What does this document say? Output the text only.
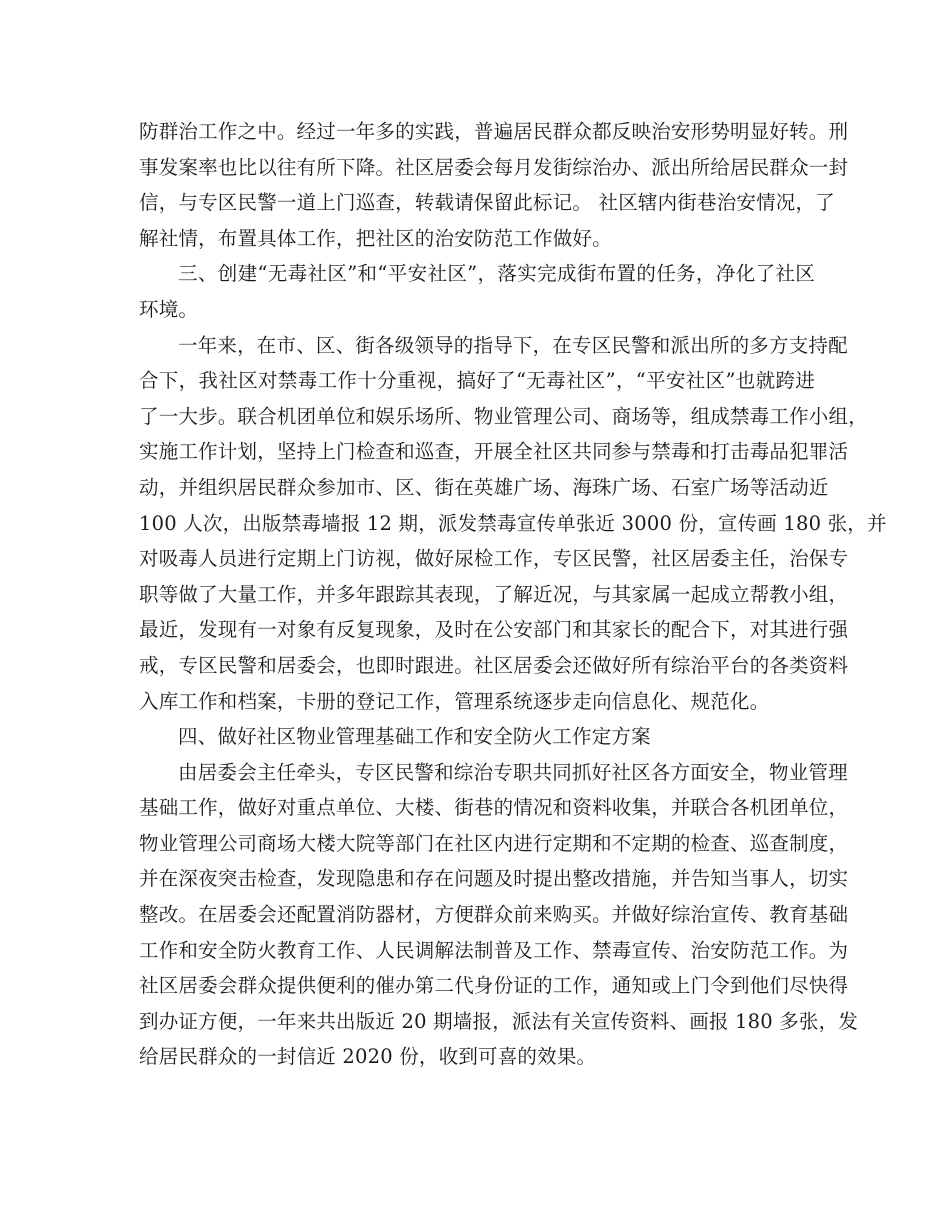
防群治工作之中。经过一年多的实践，普遍居民群众都反映治安形势明显好转。刑
事发案率也比以往有所下降。社区居委会每月发街综治办、派出所给居民群众一封
信，与专区民警一道上门巡查，转载请保留此标记。 社区辖内街巷治安情况，了
解社情，布置具体工作，把社区的治安防范工作做好。
三、创建“无毒社区”和“平安社区”，落实完成街布置的任务，净化了社区
环境。
一年来，在市、区、街各级领导的指导下，在专区民警和派出所的多方支持配
合下，我社区对禁毒工作十分重视，搞好了“无毒社区”，“平安社区”也就跨进
了一大步。联合机团单位和娱乐场所、物业管理公司、商场等，组成禁毒工作小组，
实施工作计划，坚持上门检查和巡查，开展全社区共同参与禁毒和打击毒品犯罪活
动，并组织居民群众参加市、区、街在英雄广场、海珠广场、石室广场等活动近
100 人次，出版禁毒墙报 12 期，派发禁毒宣传单张近 3000 份，宣传画 180 张，并
对吸毒人员进行定期上门访视，做好尿检工作，专区民警，社区居委主任，治保专
职等做了大量工作，并多年跟踪其表现，了解近况，与其家属一起成立帮教小组，
最近，发现有一对象有反复现象，及时在公安部门和其家长的配合下，对其进行强
戒，专区民警和居委会，也即时跟进。社区居委会还做好所有综治平台的各类资料
入库工作和档案，卡册的登记工作，管理系统逐步走向信息化、规范化。
四、做好社区物业管理基础工作和安全防火工作定方案
由居委会主任牵头，专区民警和综治专职共同抓好社区各方面安全，物业管理
基础工作，做好对重点单位、大楼、街巷的情况和资料收集，并联合各机团单位，
物业管理公司商场大楼大院等部门在社区内进行定期和不定期的检查、巡查制度，
并在深夜突击检查，发现隐患和存在问题及时提出整改措施，并告知当事人，切实
整改。在居委会还配置消防器材，方便群众前来购买。并做好综治宣传、教育基础
工作和安全防火教育工作、人民调解法制普及工作、禁毒宣传、治安防范工作。为
社区居委会群众提供便利的催办第二代身份证的工作，通知或上门令到他们尽快得
到办证方便，一年来共出版近 20 期墙报，派法有关宣传资料、画报 180 多张，发
给居民群众的一封信近 2020 份，收到可喜的效果。
